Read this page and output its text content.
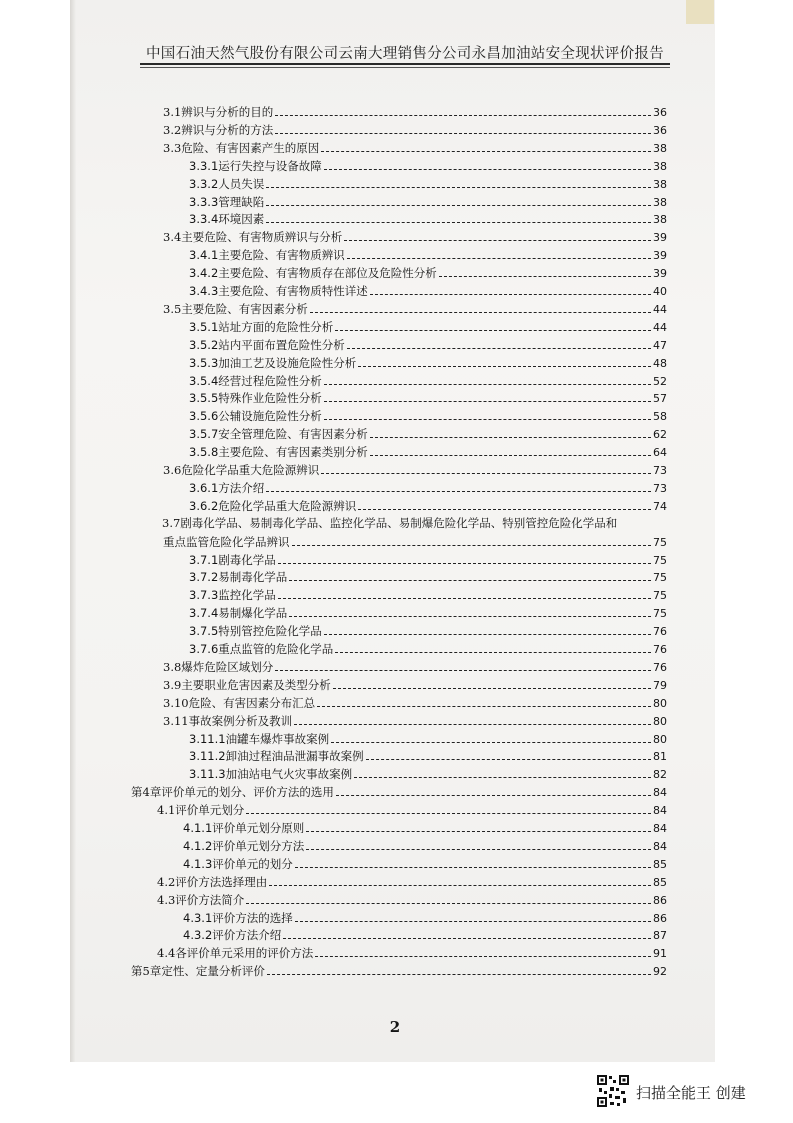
中国石油天然气股份有限公司云南大理销售分公司永昌加油站安全现状评价报告
3.1辨识与分析的目的	36
3.2辨识与分析的方法	36
3.3危险、有害因素产生的原因	38
3.3.1运行失控与设备故障	38
3.3.2人员失误	38
3.3.3管理缺陷	38
3.3.4环境因素	38
3.4主要危险、有害物质辨识与分析	39
3.4.1主要危险、有害物质辨识	39
3.4.2主要危险、有害物质存在部位及危险性分析	39
3.4.3主要危险、有害物质特性详述	40
3.5主要危险、有害因素分析	44
3.5.1站址方面的危险性分析	44
3.5.2站内平面布置危险性分析	47
3.5.3加油工艺及设施危险性分析	48
3.5.4经营过程危险性分析	52
3.5.5特殊作业危险性分析	57
3.5.6公辅设施危险性分析	58
3.5.7安全管理危险、有害因素分析	62
3.5.8主要危险、有害因素类别分析	64
3.6危险化学品重大危险源辨识	73
3.6.1方法介绍	73
3.6.2危险化学品重大危险源辨识	74
3.7剧毒化学品、易制毒化学品、监控化学品、易制爆危险化学品、特别管控危险化学品和
重点监管危险化学品辨识	75
3.7.1剧毒化学品	75
3.7.2易制毒化学品	75
3.7.3监控化学品	75
3.7.4易制爆化学品	75
3.7.5特别管控危险化学品	76
3.7.6重点监管的危险化学品	76
3.8爆炸危险区域划分	76
3.9主要职业危害因素及类型分析	79
3.10危险、有害因素分布汇总	80
3.11事故案例分析及教训	80
3.11.1油罐车爆炸事故案例	80
3.11.2卸油过程油品泄漏事故案例	81
3.11.3加油站电气火灾事故案例	82
第4章评价单元的划分、评价方法的选用	84
4.1评价单元划分	84
4.1.1评价单元划分原则	84
4.1.2评价单元划分方法	84
4.1.3评价单元的划分	85
4.2评价方法选择理由	85
4.3评价方法简介	86
4.3.1评价方法的选择	86
4.3.2评价方法介绍	87
4.4各评价单元采用的评价方法	91
第5章定性、定量分析评价	92
2
扫描全能王 创建
